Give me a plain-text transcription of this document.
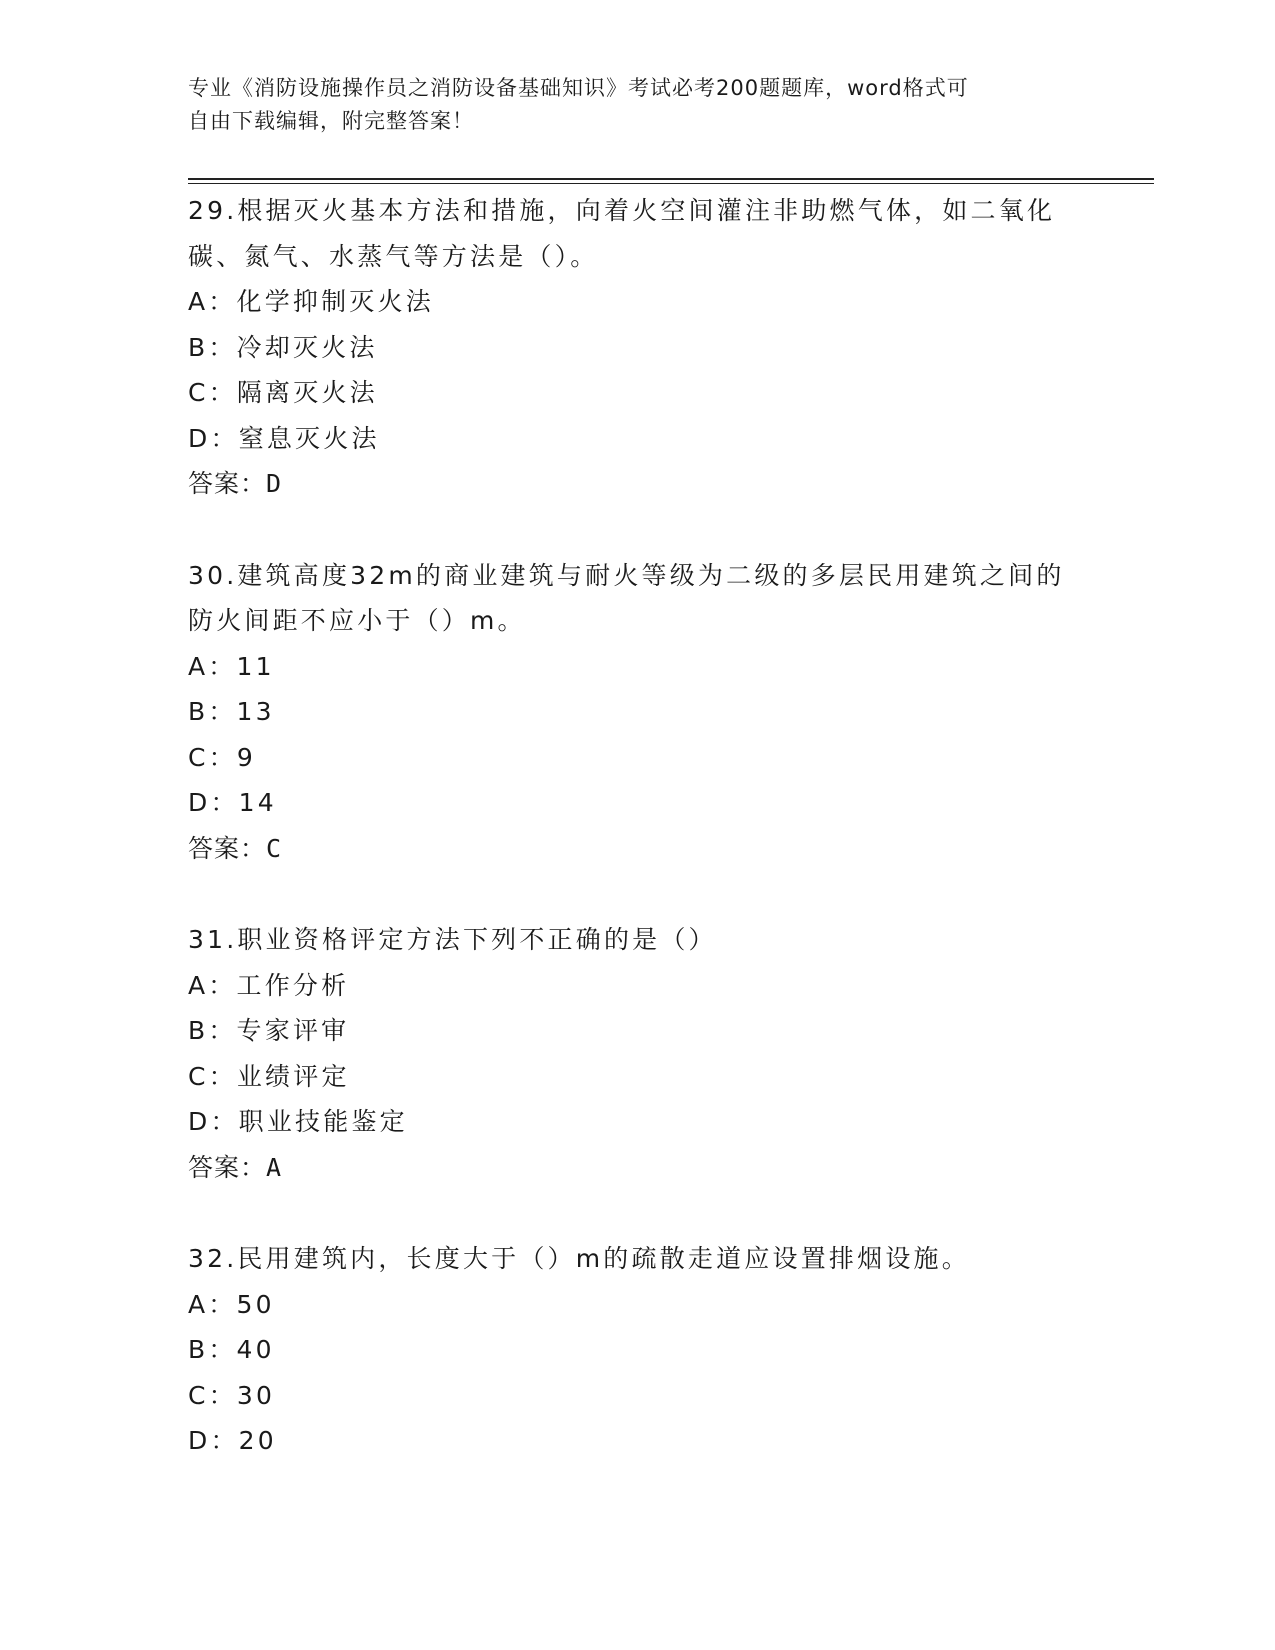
专业《消防设施操作员之消防设备基础知识》考试必考200题题库，word格式可
自由下载编辑，附完整答案！
29.根据灭火基本方法和措施，向着火空间灌注非助燃气体，如二氧化
碳、氮气、水蒸气等方法是（）。
A：化学抑制灭火法
B：冷却灭火法
C：隔离灭火法
D：窒息灭火法
答案：D
30.建筑高度32m的商业建筑与耐火等级为二级的多层民用建筑之间的
防火间距不应小于（）m。
A：11
B：13
C：9
D：14
答案：C
31.职业资格评定方法下列不正确的是（）
A：工作分析
B：专家评审
C：业绩评定
D：职业技能鉴定
答案：A
32.民用建筑内，长度大于（）m的疏散走道应设置排烟设施。
A：50
B：40
C：30
D：20
